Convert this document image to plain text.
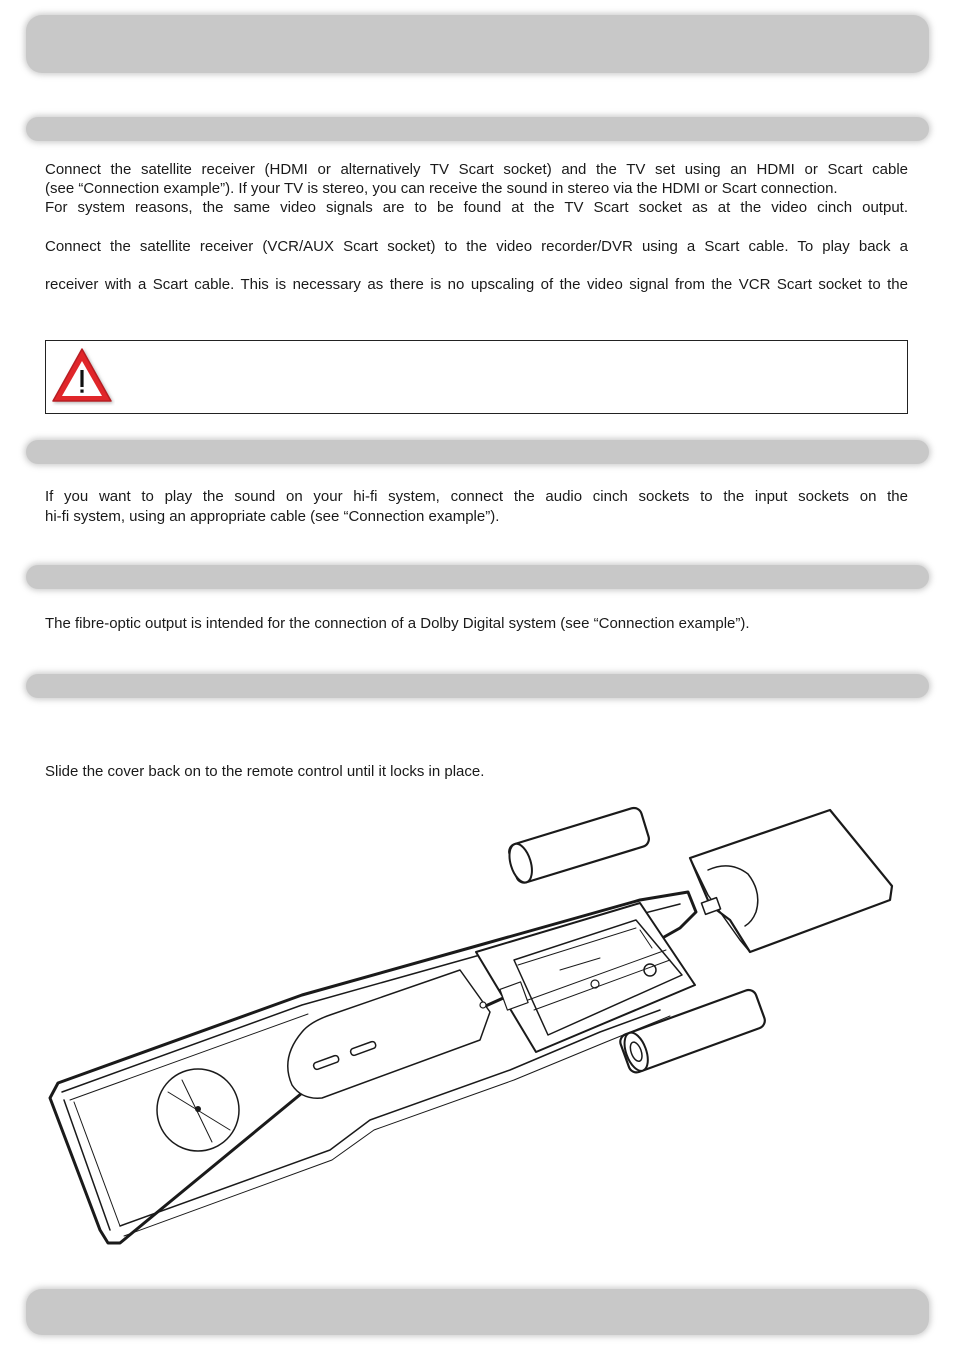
Connect the satellite receiver (HDMI or alternatively TV Scart socket) and the TV set using an HDMI or Scart cable

(see “Connection example”). If your TV is stereo, you can receive the sound in stereo via the HDMI or Scart connection.

For system reasons, the same video signals are to be found at the TV Scart socket as at the video cinch output.

Connect the satellite receiver (VCR/AUX Scart socket) to the video recorder/DVR using a Scart cable. To play back a

receiver with a Scart cable. This is necessary as there is no upscaling of the video signal from the VCR Scart socket to the

If you want to play the sound on your hi-fi system, connect the audio cinch sockets to the input sockets on the

hi-fi system, using an appropriate cable (see “Connection example”).

The fibre-optic output is intended for the connection of a Dolby Digital system (see “Connection example”).

Slide the cover back on to the remote control until it locks in place.
